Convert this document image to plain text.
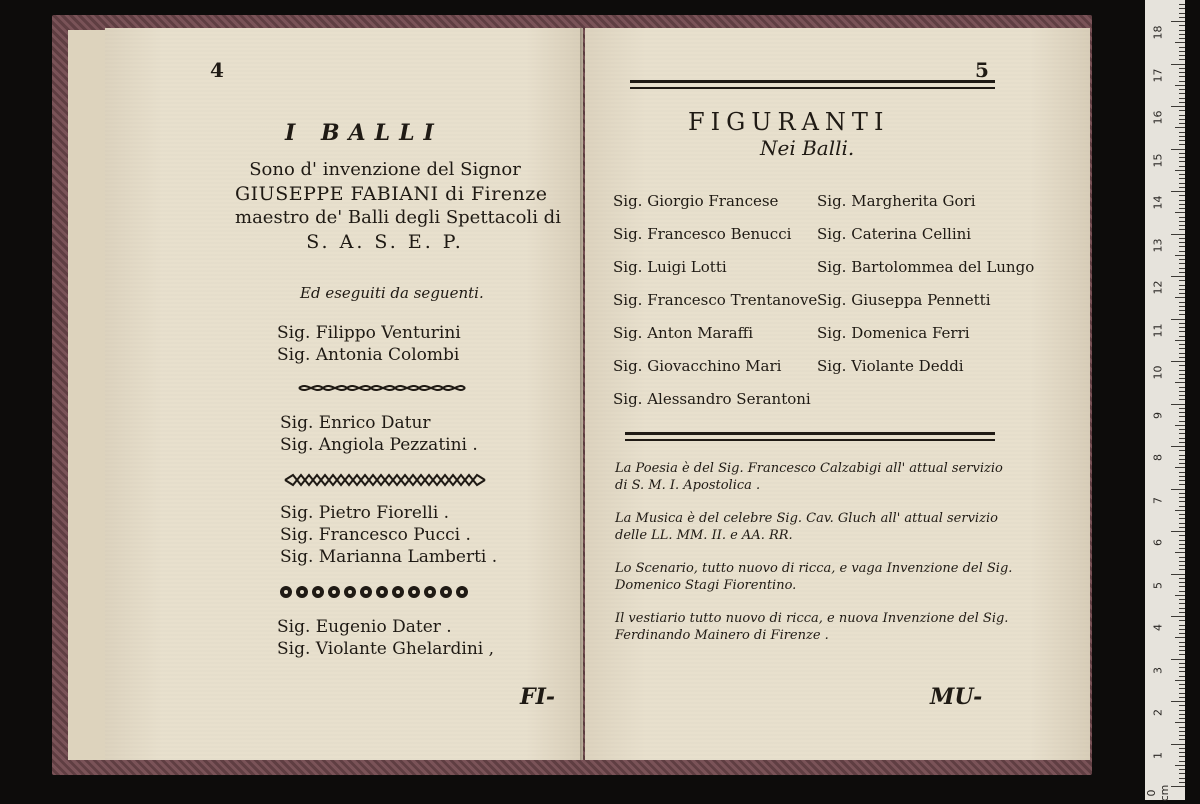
4
I BALLI
Sono d' invenzione del Signor
GIUSEPPE FABIANI di Firenze
maestro de' Balli degli Spettacoli di
S. A. S. E. P.
Ed eseguiti da seguenti.
Sig. Filippo Venturini
Sig. Antonia Colombi
Sig. Enrico Datur
Sig. Angiola Pezzatini .
Sig. Pietro Fiorelli .
Sig. Francesco Pucci .
Sig. Marianna Lamberti .
Sig. Eugenio Dater .
Sig. Violante Ghelardini ,
FI-
5
FIGURANTI
Nei Balli.
Sig. Giorgio Francese
Sig. Francesco Benucci
Sig. Luigi Lotti
Sig. Francesco Trentanove
Sig. Anton Maraffi
Sig. Giovacchino Mari
Sig. Alessandro Serantoni
Sig. Margherita Gori
Sig. Caterina Cellini
Sig. Bartolommea del Lungo
Sig. Giuseppa Pennetti
Sig. Domenica Ferri
Sig. Violante Deddi
La Poesia è del Sig. Francesco Calzabigi all' attual servizio di S. M. I. Apostolica .
La Musica è del celebre Sig. Cav. Gluch all' attual servizio delle LL. MM. II. e AA. RR.
Lo Scenario, tutto nuovo di ricca, e vaga Invenzione del Sig. Domenico Stagi Fiorentino.
Il vestiario tutto nuovo di ricca, e nuova Invenzione del Sig. Ferdinando Mainero di Firenze .
MU-
18
17
16
15
14
13
12
11
10
9
8
7
6
5
4
3
2
1
0 cm
